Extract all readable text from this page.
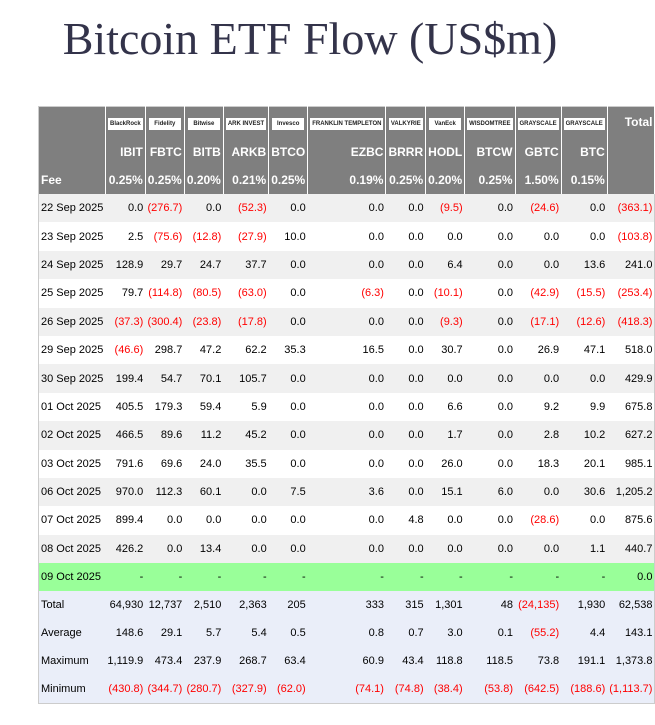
Bitcoin ETF Flow (US$m)
	BlackRock	Fidelity	Bitwise	ARK INVEST	Invesco	FRANKLIN TEMPLETON	VALKYRIE	VanEck	WISDOMTREE	GRAYSCALE	GRAYSCALE	Total
	IBIT	FBTC	BITB	ARKB	BTCO	EZBC	BRRR	HODL	BTCW	GBTC	BTC	
Fee	0.25%	0.25%	0.20%	0.21%	0.25%	0.19%	0.25%	0.20%	0.25%	1.50%	0.15%	
22 Sep 2025	0.0	(276.7)	0.0	(52.3)	0.0	0.0	0.0	(9.5)	0.0	(24.6)	0.0	(363.1)
23 Sep 2025	2.5	(75.6)	(12.8)	(27.9)	10.0	0.0	0.0	0.0	0.0	0.0	0.0	(103.8)
24 Sep 2025	128.9	29.7	24.7	37.7	0.0	0.0	0.0	6.4	0.0	0.0	13.6	241.0
25 Sep 2025	79.7	(114.8)	(80.5)	(63.0)	0.0	(6.3)	0.0	(10.1)	0.0	(42.9)	(15.5)	(253.4)
26 Sep 2025	(37.3)	(300.4)	(23.8)	(17.8)	0.0	0.0	0.0	(9.3)	0.0	(17.1)	(12.6)	(418.3)
29 Sep 2025	(46.6)	298.7	47.2	62.2	35.3	16.5	0.0	30.7	0.0	26.9	47.1	518.0
30 Sep 2025	199.4	54.7	70.1	105.7	0.0	0.0	0.0	0.0	0.0	0.0	0.0	429.9
01 Oct 2025	405.5	179.3	59.4	5.9	0.0	0.0	0.0	6.6	0.0	9.2	9.9	675.8
02 Oct 2025	466.5	89.6	11.2	45.2	0.0	0.0	0.0	1.7	0.0	2.8	10.2	627.2
03 Oct 2025	791.6	69.6	24.0	35.5	0.0	0.0	0.0	26.0	0.0	18.3	20.1	985.1
06 Oct 2025	970.0	112.3	60.1	0.0	7.5	3.6	0.0	15.1	6.0	0.0	30.6	1,205.2
07 Oct 2025	899.4	0.0	0.0	0.0	0.0	0.0	4.8	0.0	0.0	(28.6)	0.0	875.6
08 Oct 2025	426.2	0.0	13.4	0.0	0.0	0.0	0.0	0.0	0.0	0.0	1.1	440.7
09 Oct 2025	-	-	-	-	-	-	-	-	-	-	-	0.0
Total	64,930	12,737	2,510	2,363	205	333	315	1,301	48	(24,135)	1,930	62,538
Average	148.6	29.1	5.7	5.4	0.5	0.8	0.7	3.0	0.1	(55.2)	4.4	143.1
Maximum	1,119.9	473.4	237.9	268.7	63.4	60.9	43.4	118.8	118.5	73.8	191.1	1,373.8
Minimum	(430.8)	(344.7)	(280.7)	(327.9)	(62.0)	(74.1)	(74.8)	(38.4)	(53.8)	(642.5)	(188.6)	(1,113.7)
